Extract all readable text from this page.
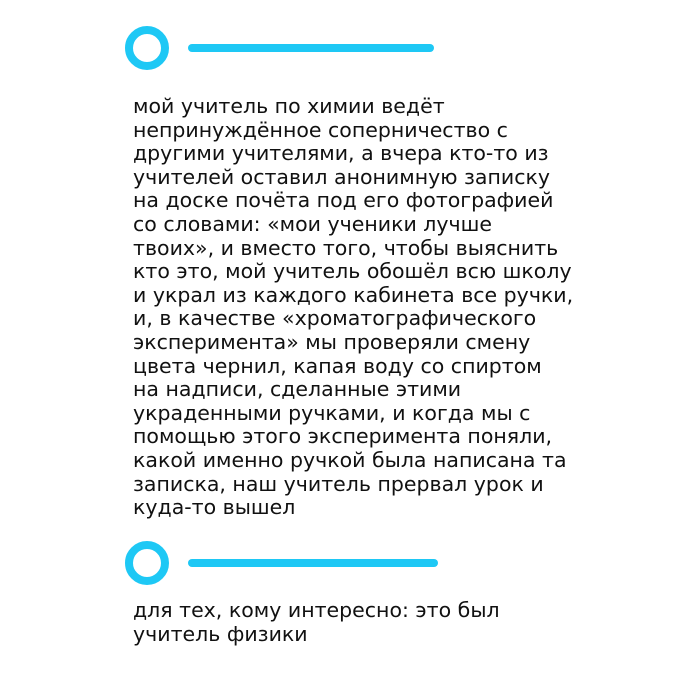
мой учитель по химии ведёт
непринуждённое соперничество с
другими учителями, а вчера кто-то из
учителей оставил анонимную записку
на доске почёта под его фотографией
со словами: «мои ученики лучше
твоих», и вместо того, чтобы выяснить
кто это, мой учитель обошёл всю школу
и украл из каждого кабинета все ручки,
и, в качестве «хроматографического
эксперимента» мы проверяли смену
цвета чернил, капая воду со спиртом
на надписи, сделанные этими
украденными ручками, и когда мы с
помощью этого эксперимента поняли,
какой именно ручкой была написана та
записка, наш учитель прервал урок и
куда-то вышел
для тех, кому интересно: это был
учитель физики
